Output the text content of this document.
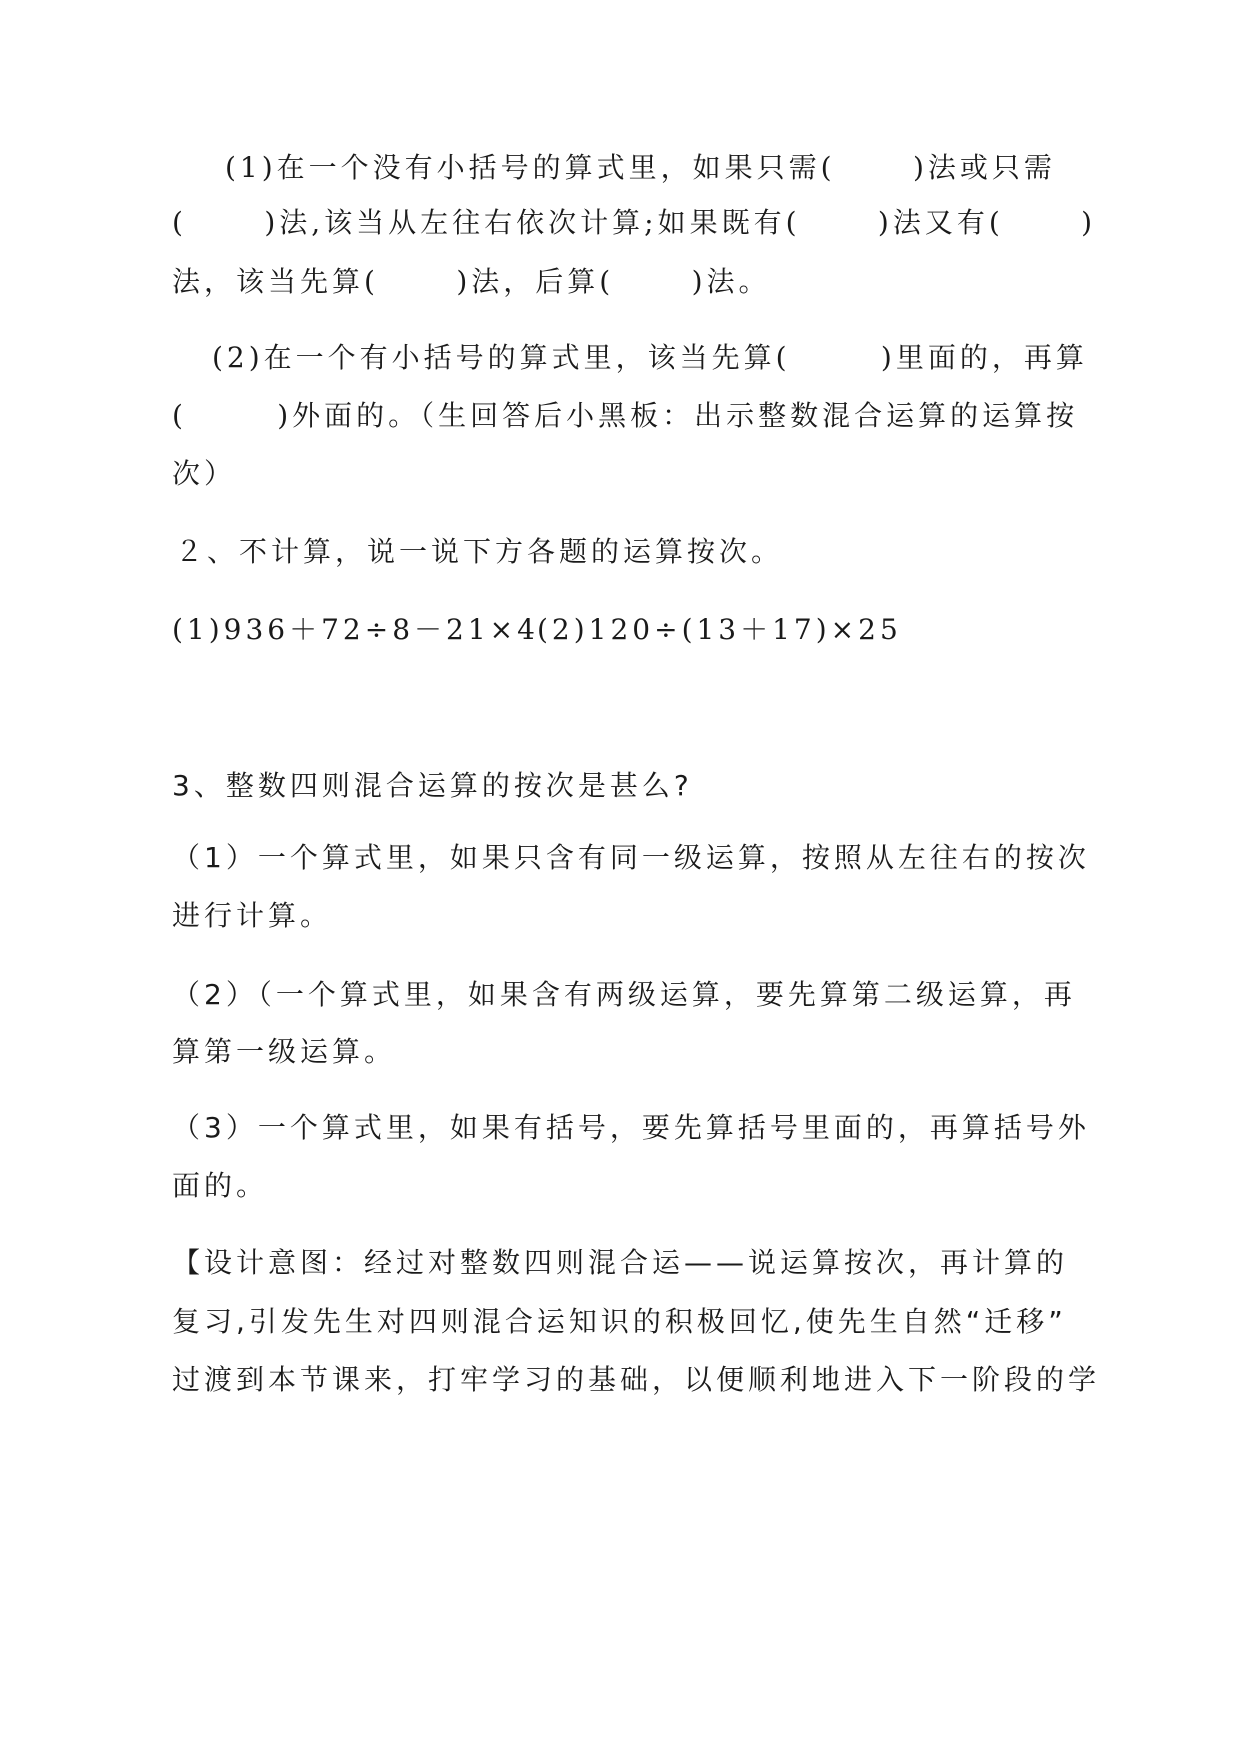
(1)在一个没有小括号的算式里，如果只需(      )法或只需
(      )法,该当从左往右依次计算;如果既有(      )法又有(      )
法，该当先算(      )法，后算(      )法。
(2)在一个有小括号的算式里，该当先算(       )里面的，再算
(       )外面的。（生回答后小黑板：出示整数混合运算的运算按
次）
２、不计算，说一说下方各题的运算按次。
(1)936＋72÷8－21×4
(2)120÷(13＋17)×25
3、整数四则混合运算的按次是甚么?
（1）一个算式里，如果只含有同一级运算，按照从左往右的按次
进行计算。
（2）（一个算式里，如果含有两级运算，要先算第二级运算，再
算第一级运算。
（3）一个算式里，如果有括号，要先算括号里面的，再算括号外
面的。
【设计意图：经过对整数四则混合运——说运算按次，再计算的
复习,引发先生对四则混合运知识的积极回忆,使先生自然“迁移”
过渡到本节课来，打牢学习的基础，以便顺利地进入下一阶段的学
